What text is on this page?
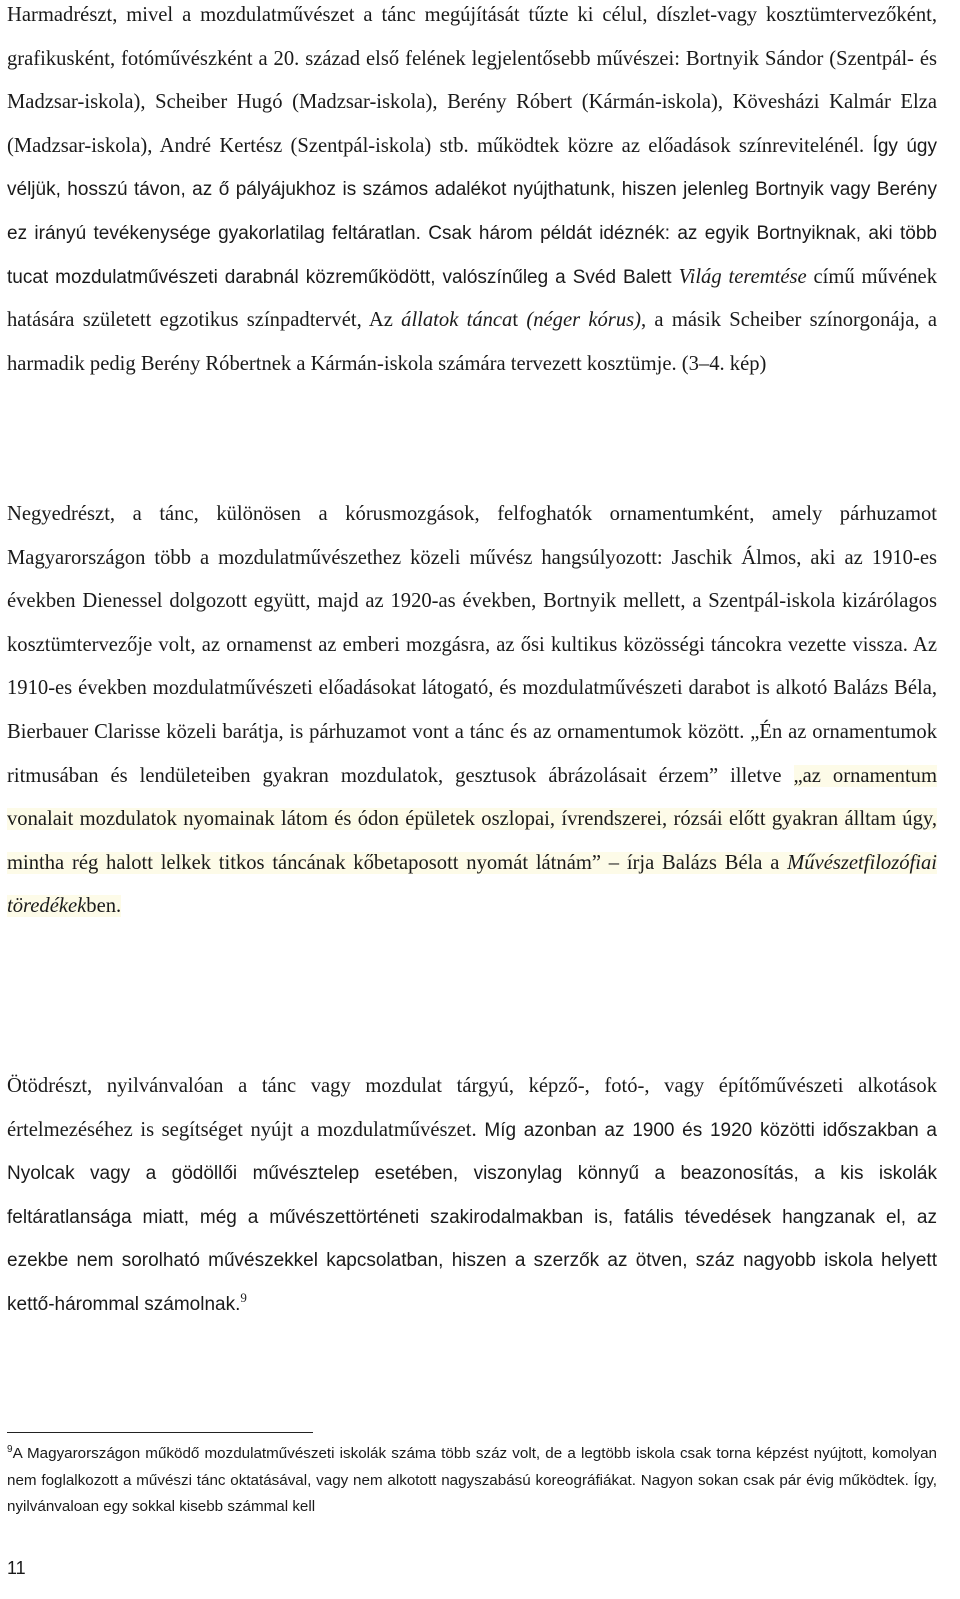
Harmadrészt, mivel a mozdulatművészet a tánc megújítását tűzte ki célul, díszlet-vagy kosztümtervezőként, grafikusként, fotóművészként a 20. század első felének legjelentősebb művészei: Bortnyik Sándor (Szentpál- és Madzsar-iskola), Scheiber Hugó (Madzsar-iskola), Berény Róbert (Kármán-iskola), Kövesházi Kalmár Elza (Madzsar-iskola), André Kertész (Szentpál-iskola) stb. működtek közre az előadások színrevitelénél. Így úgy véljük, hosszú távon, az ő pályájukhoz is számos adalékot nyújthatunk, hiszen jelenleg Bortnyik vagy Berény ez irányú tevékenysége gyakorlatilag feltáratlan. Csak három példát idéznék: az egyik Bortnyiknak, aki több tucat mozdulatművészeti darabnál közreműködött, valószínűleg a Svéd Balett Világ teremtése című művének hatására született egzotikus színpadtervét, Az állatok táncat (néger kórus), a másik Scheiber színorgonája, a harmadik pedig Berény Róbertnek a Kármán-iskola számára tervezett kosztümje. (3–4. kép)

Negyedrészt, a tánc, különösen a kórusmozgások, felfoghatók ornamentumként, amely párhuzamot Magyarországon több a mozdulatművészethez közeli művész hangsúlyozott: Jaschik Álmos, aki az 1910-es években Dienessel dolgozott együtt, majd az 1920-as években, Bortnyik mellett, a Szentpál-iskola kizárólagos kosztümtervezője volt, az ornamenst az emberi mozgásra, az ősi kultikus közösségi táncokra vezette vissza. Az 1910-es években mozdulatművészeti előadásokat látogató, és mozdulatművészeti darabot is alkotó Balázs Béla, Bierbauer Clarisse közeli barátja, is párhuzamot vont a tánc és az ornamentumok között. „Én az ornamentumok ritmusában és lendületeiben gyakran mozdulatok, gesztusok ábrázolásait érzem” illetve „az ornamentum vonalait mozdulatok nyomainak látom és ódon épületek oszlopai, ívrendszerei, rózsái előtt gyakran álltam úgy, mintha rég halott lelkek titkos táncának kőbetaposott nyomát látnám” – írja Balázs Béla a Művészetfilozófiai töredékekben.

Ötödrészt, nyilvánvalóan a tánc vagy mozdulat tárgyú, képző-, fotó-, vagy építőművészeti alkotások értelmezéséhez is segítséget nyújt a mozdulatművészet. Míg azonban az 1900 és 1920 közötti időszakban a Nyolcak vagy a gödöllői művésztelep esetében, viszonylag könnyű a beazonosítás, a kis iskolák feltáratlansága miatt, még a művészettörténeti szakirodalmakban is, fatális tévedések hangzanak el, az ezekbe nem sorolható művészekkel kapcsolatban, hiszen a szerzők az ötven, száz nagyobb iskola helyett kettő-hárommal számolnak.$^9$

$^9$A Magyarországon működő mozdulatművészeti iskolák száma több száz volt, de a legtöbb iskola csak torna képzést nyújtott, komolyan nem foglalkozott a művészi tánc oktatásával, vagy nem alkotott nagyszabású koreográfiákat. Nagyon sokan csak pár évig működtek. Így, nyilvánvaloan egy sokkal kisebb számmal kell
11
